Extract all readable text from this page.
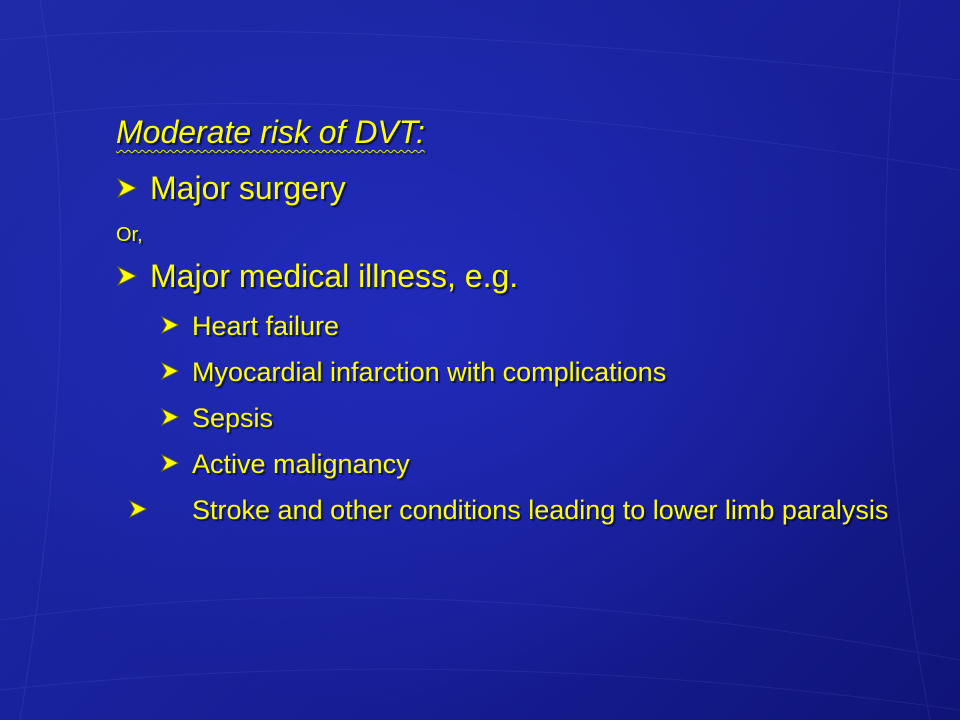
Moderate risk of DVT:
Major surgery
Or,
Major medical illness, e.g.
Heart failure
Myocardial infarction with complications
Sepsis
Active malignancy
Stroke and other conditions leading to lower limb paralysis
